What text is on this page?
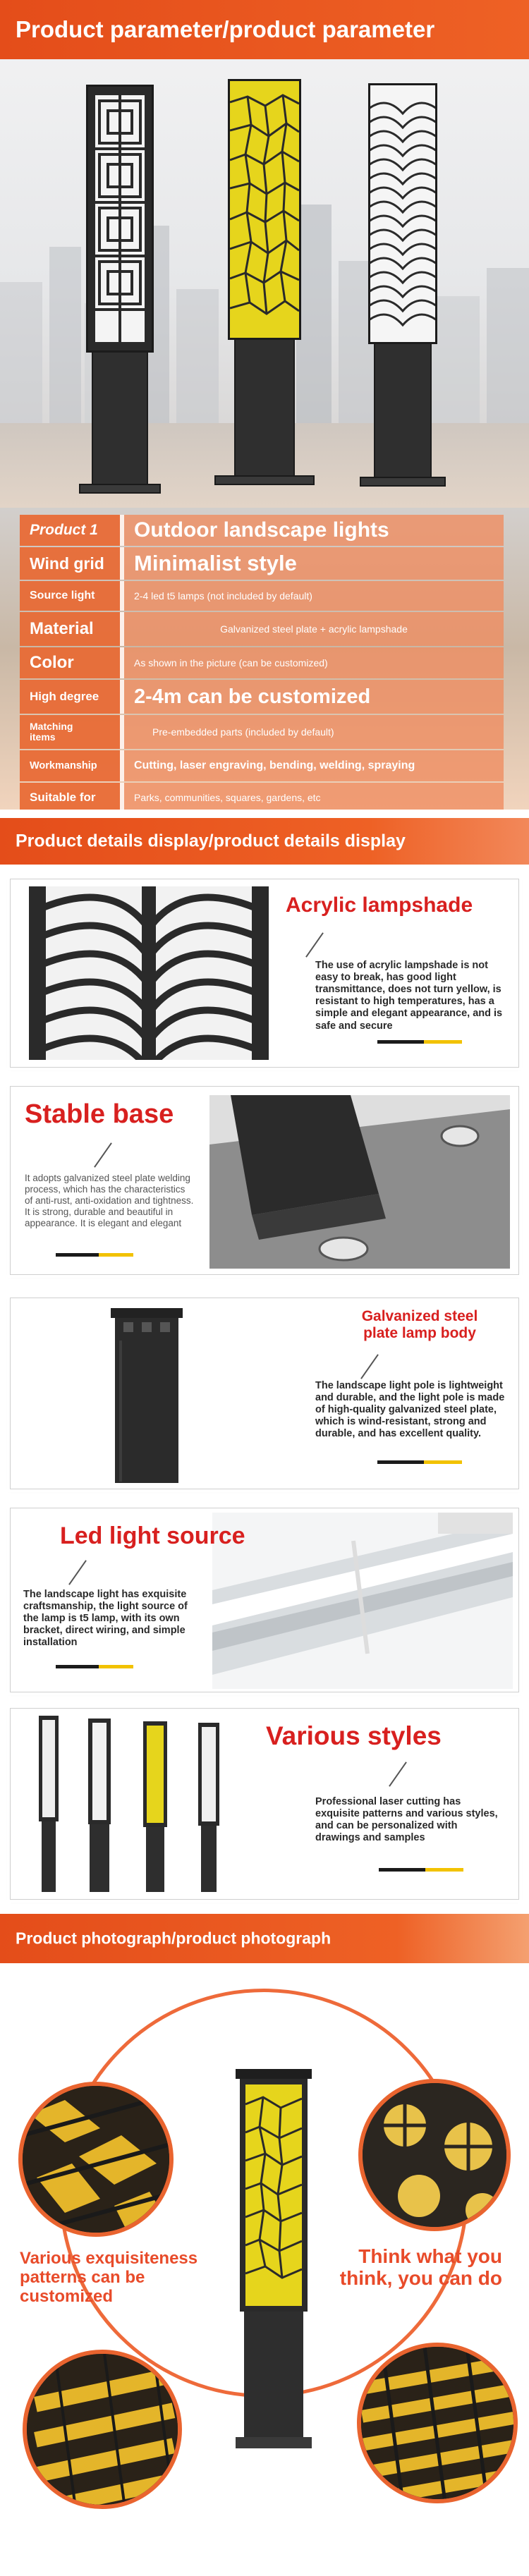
Product parameter/product parameter
Product 1	Outdoor landscape lights
Wind grid	Minimalist style
Source light	2-4 led t5 lamps (not included by default)
Material	Galvanized steel plate + acrylic lampshade
Color	As shown in the picture (can be customized)
High degree	2-4m can be customized
Matching items	Pre-embedded parts (included by default)
Workmanship	Cutting, laser engraving, bending, welding, spraying
Suitable for	Parks, communities, squares, gardens, etc
Product details display/product details display
Acrylic lampshade
The use of acrylic lampshade is not easy to break, has good light transmittance, does not turn yellow, is resistant to high temperatures, has a simple and elegant appearance, and is safe and secure
Stable base
It adopts galvanized steel plate welding process, which has the characteristics of anti-rust, anti-oxidation and tightness. It is strong, durable and beautiful in appearance. It is elegant and elegant
Galvanized steel plate lamp body
The landscape light pole is lightweight and durable, and the light pole is made of high-quality galvanized steel plate, which is wind-resistant, strong and durable, and has excellent quality.
Led light source
The landscape light has exquisite craftsmanship, the light source of the lamp is t5 lamp, with its own bracket, direct wiring, and simple installation
Various styles
Professional laser cutting has exquisite patterns and various styles, and can be personalized with drawings and samples
Product photograph/product photograph
Various exquisiteness patterns can be customized
Think what you think, you can do
